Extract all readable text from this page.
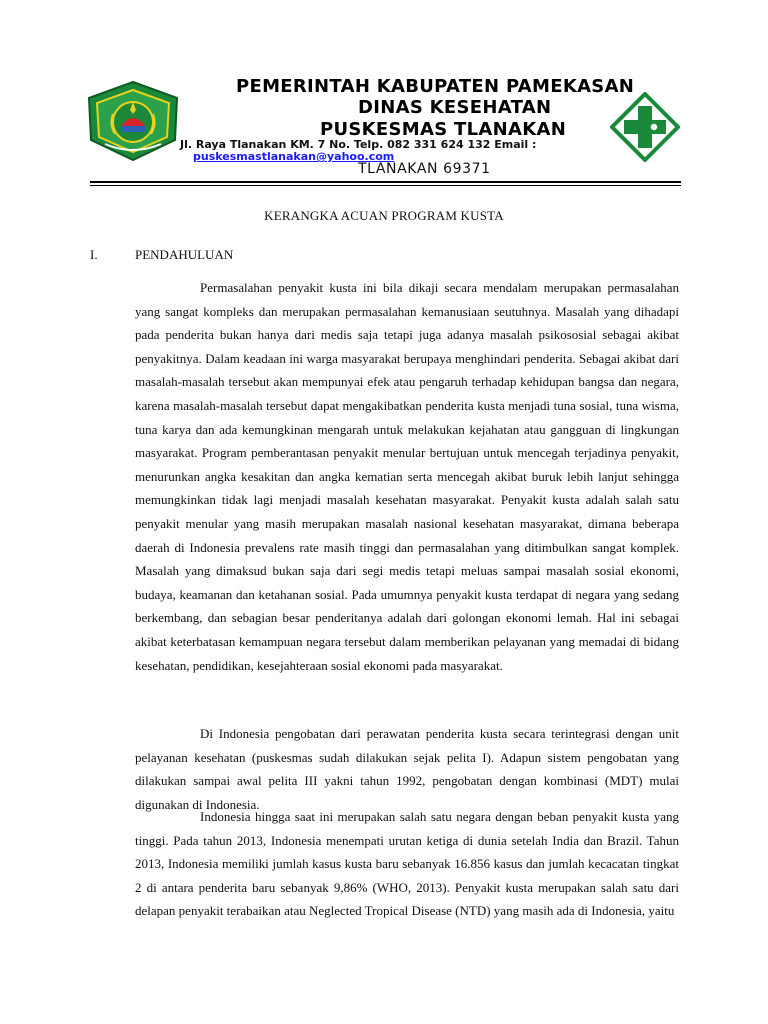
PEMERINTAH KABUPATEN PAMEKASAN
DINAS KESEHATAN
PUSKESMAS TLANAKAN
Jl. Raya Tlanakan KM. 7 No. Telp. 082 331 624 132 Email :
puskesmastlanakan@yahoo.com
TLANAKAN 69371
KERANGKA ACUAN PROGRAM KUSTA
I.	PENDAHULUAN
Permasalahan penyakit kusta ini bila dikaji secara mendalam merupakan permasalahan yang sangat kompleks dan merupakan permasalahan kemanusiaan seutuhnya. Masalah yang dihadapi pada penderita bukan hanya dari medis saja tetapi juga adanya masalah psikososial sebagai akibat penyakitnya. Dalam keadaan ini warga masyarakat berupaya menghindari penderita. Sebagai akibat dari masalah-masalah tersebut akan mempunyai efek atau pengaruh terhadap kehidupan bangsa dan negara, karena masalah-masalah tersebut dapat mengakibatkan penderita kusta menjadi tuna sosial, tuna wisma, tuna karya dan ada kemungkinan mengarah untuk melakukan kejahatan atau gangguan di lingkungan masyarakat. Program pemberantasan penyakit menular bertujuan untuk mencegah terjadinya penyakit, menurunkan angka kesakitan dan angka kematian serta mencegah akibat buruk lebih lanjut sehingga memungkinkan tidak lagi menjadi masalah kesehatan masyarakat. Penyakit kusta adalah salah satu penyakit menular yang masih merupakan masalah nasional kesehatan masyarakat, dimana beberapa daerah di Indonesia prevalens rate masih tinggi dan permasalahan yang ditimbulkan sangat komplek. Masalah yang dimaksud bukan saja dari segi medis tetapi meluas sampai masalah sosial ekonomi, budaya, keamanan dan ketahanan sosial. Pada umumnya penyakit kusta terdapat di negara yang sedang berkembang, dan sebagian besar penderitanya adalah dari golongan ekonomi lemah. Hal ini sebagai akibat keterbatasan kemampuan negara tersebut dalam memberikan pelayanan yang memadai di bidang kesehatan, pendidikan, kesejahteraan sosial ekonomi pada masyarakat.
Di Indonesia pengobatan dari perawatan penderita kusta secara terintegrasi dengan unit pelayanan kesehatan (puskesmas sudah dilakukan sejak pelita I). Adapun sistem pengobatan yang dilakukan sampai awal pelita III yakni tahun 1992, pengobatan dengan kombinasi (MDT) mulai digunakan di Indonesia.
Indonesia hingga saat ini merupakan salah satu negara dengan beban penyakit kusta yang tinggi. Pada tahun 2013, Indonesia menempati urutan ketiga di dunia setelah India dan Brazil. Tahun 2013, Indonesia memiliki jumlah kasus kusta baru sebanyak 16.856 kasus dan jumlah kecacatan tingkat 2 di antara penderita baru sebanyak 9,86% (WHO, 2013). Penyakit kusta merupakan salah satu dari delapan penyakit terabaikan atau Neglected Tropical Disease (NTD) yang masih ada di Indonesia, yaitu
